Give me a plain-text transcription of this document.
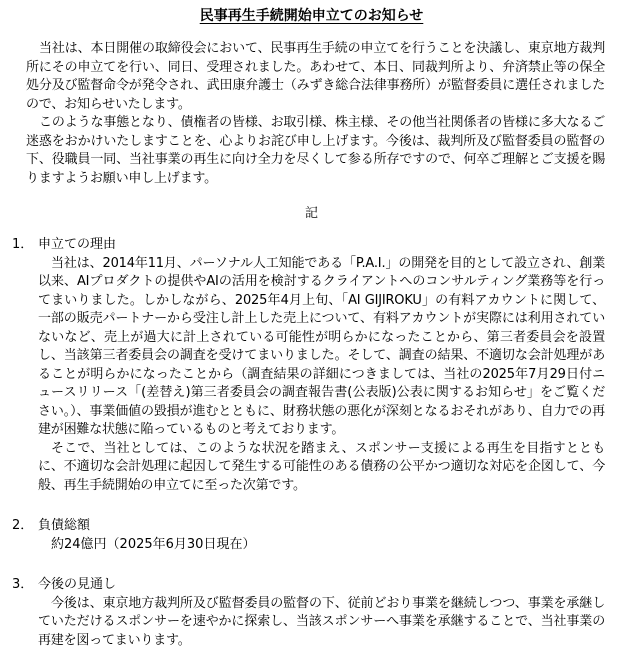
民事再生手続開始申立てのお知らせ

当社は、本日開催の取締役会において、民事再生手続の申立てを行うことを決議し、東京地方裁判所にその申立てを行い、同日、受理されました。あわせて、本日、同裁判所より、弁済禁止等の保全処分及び監督命令が発令され、武田康弁護士（みずき総合法律事務所）が監督委員に選任されましたので、お知らせいたします。

このような事態となり、債権者の皆様、お取引様、株主様、その他当社関係者の皆様に多大なるご迷惑をおかけいたしますことを、心よりお詫び申し上げます。今後は、裁判所及び監督委員の監督の下、役職員一同、当社事業の再生に向け全力を尽くして参る所存ですので、何卒ご理解とご支援を賜りますようお願い申し上げます。

記
1． 申立ての理由

当社は、2014年11月、パーソナル人工知能である「P.A.I.」の開発を目的として設立され、創業以来、AIプロダクトの提供やAIの活用を検討するクライアントへのコンサルティング業務等を行ってまいりました。しかしながら、2025年4月上旬、「AI GIJIROKU」の有料アカウントに関して、一部の販売パートナーから受注し計上した売上について、有料アカウントが実際には利用されていないなど、売上が過大に計上されている可能性が明らかになったことから、第三者委員会を設置し、当該第三者委員会の調査を受けてまいりました。そして、調査の結果、不適切な会計処理があることが明らかになったことから（調査結果の詳細につきましては、当社の2025年7月29日付ニュースリリース「(差替え)第三者委員会の調査報告書(公表版)公表に関するお知らせ」をご覧ください。）、事業価値の毀損が進むとともに、財務状態の悪化が深刻となるおそれがあり、自力での再建が困難な状態に陥っているものと考えております。

そこで、当社としては、このような状況を踏まえ、スポンサー支援による再生を目指すとともに、不適切な会計処理に起因して発生する可能性のある債務の公平かつ適切な対応を企図して、今般、再生手続開始の申立てに至った次第です。

2． 負債総額

約24億円（2025年6月30日現在）

3． 今後の見通し

今後は、東京地方裁判所及び監督委員の監督の下、従前どおり事業を継続しつつ、事業を承継していただけるスポンサーを速やかに探索し、当該スポンサーへ事業を承継することで、当社事業の再建を図ってまいります。
